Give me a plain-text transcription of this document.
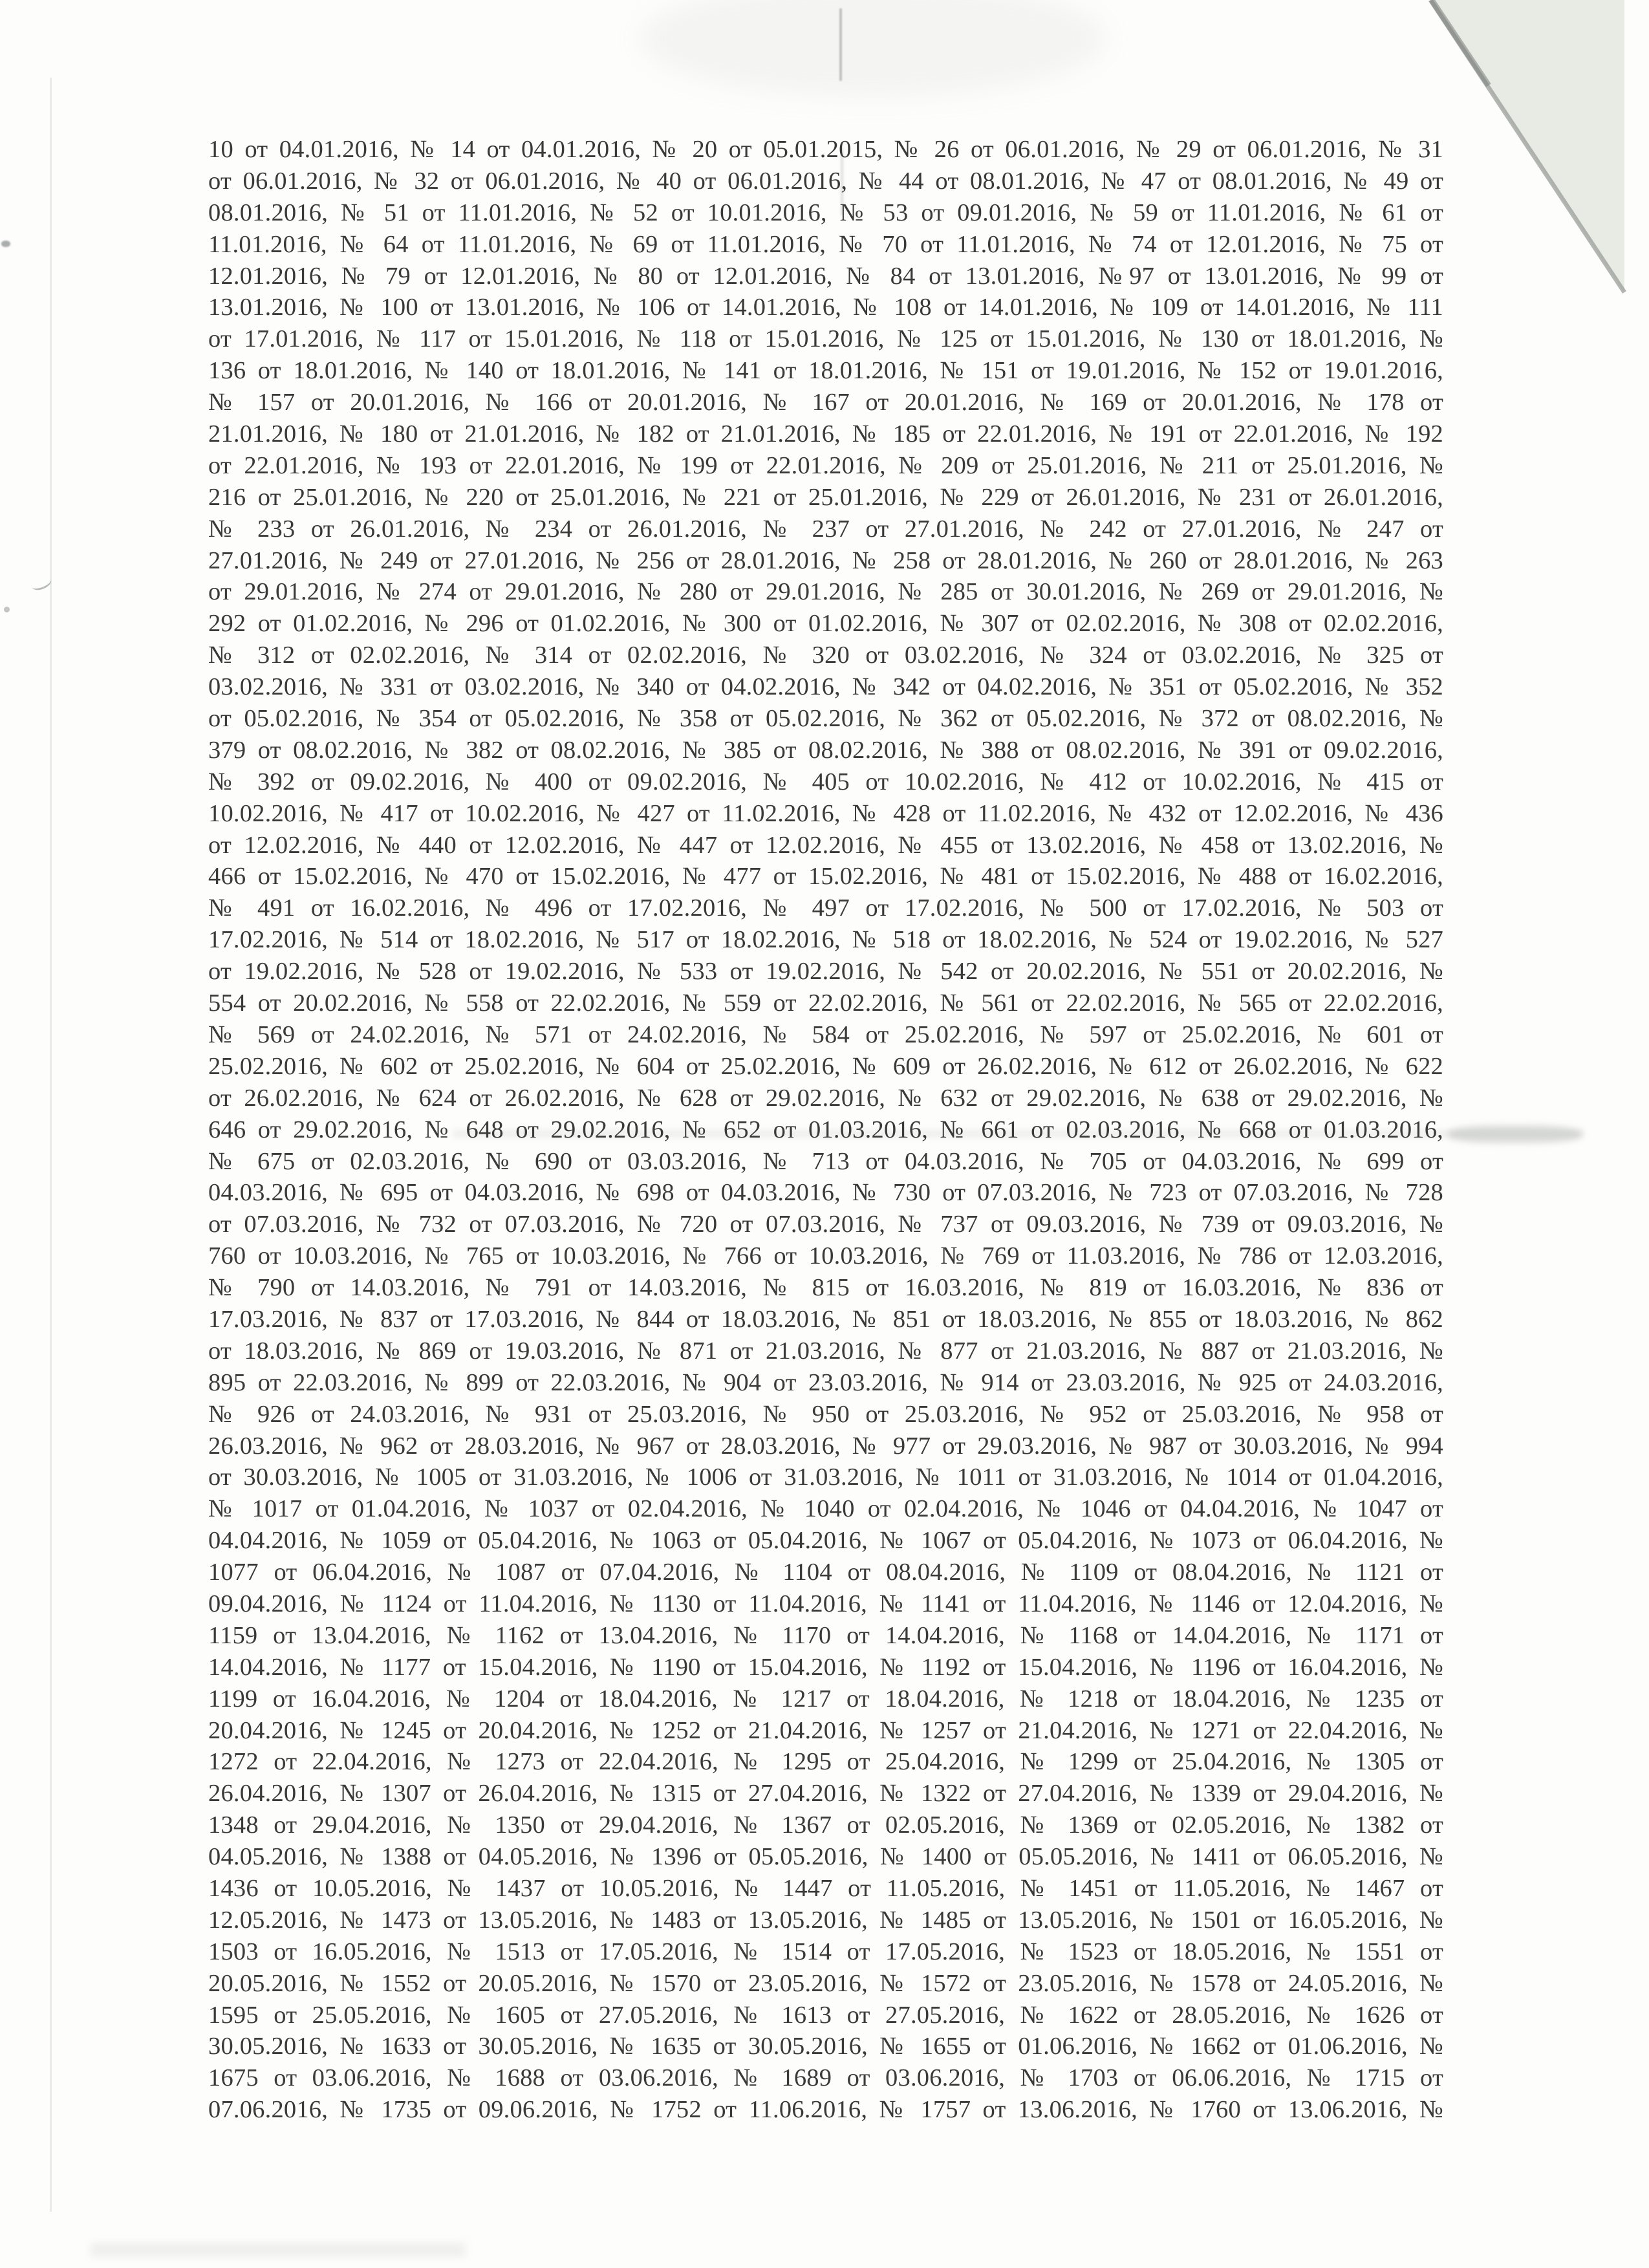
10 от 04.01.2016, № 14 от 04.01.2016, № 20 от 05.01.2015, № 26 от 06.01.2016, № 29 от 06.01.2016, № 31
от 06.01.2016, № 32 от 06.01.2016, № 40 от 06.01.2016, № 44 от 08.01.2016, № 47 от 08.01.2016, № 49 от
08.01.2016, № 51 от 11.01.2016, № 52 от 10.01.2016, № 53 от 09.01.2016, № 59 от 11.01.2016, № 61 от
11.01.2016, № 64 от 11.01.2016, № 69 от 11.01.2016, № 70 от 11.01.2016, № 74 от 12.01.2016, № 75 от
12.01.2016, № 79 от 12.01.2016, № 80 от 12.01.2016, № 84 от 13.01.2016, №97 от 13.01.2016, № 99 от
13.01.2016, № 100 от 13.01.2016, № 106 от 14.01.2016, № 108 от 14.01.2016, № 109 от 14.01.2016, № 111
от 17.01.2016, № 117 от 15.01.2016, № 118 от 15.01.2016, № 125 от 15.01.2016, № 130 от 18.01.2016, №
136 от 18.01.2016, № 140 от 18.01.2016, № 141 от 18.01.2016, № 151 от 19.01.2016, № 152 от 19.01.2016,
№ 157 от 20.01.2016, № 166 от 20.01.2016, № 167 от 20.01.2016, № 169 от 20.01.2016, № 178 от
21.01.2016, № 180 от 21.01.2016, № 182 от 21.01.2016, № 185 от 22.01.2016, № 191 от 22.01.2016, № 192
от 22.01.2016, № 193 от 22.01.2016, № 199 от 22.01.2016, № 209 от 25.01.2016, № 211 от 25.01.2016, №
216 от 25.01.2016, № 220 от 25.01.2016, № 221 от 25.01.2016, № 229 от 26.01.2016, № 231 от 26.01.2016,
№ 233 от 26.01.2016, № 234 от 26.01.2016, № 237 от 27.01.2016, № 242 от 27.01.2016, № 247 от
27.01.2016, № 249 от 27.01.2016, № 256 от 28.01.2016, № 258 от 28.01.2016, № 260 от 28.01.2016, № 263
от 29.01.2016, № 274 от 29.01.2016, № 280 от 29.01.2016, № 285 от 30.01.2016, № 269 от 29.01.2016, №
292 от 01.02.2016, № 296 от 01.02.2016, № 300 от 01.02.2016, № 307 от 02.02.2016, № 308 от 02.02.2016,
№ 312 от 02.02.2016, № 314 от 02.02.2016, № 320 от 03.02.2016, № 324 от 03.02.2016, № 325 от
03.02.2016, № 331 от 03.02.2016, № 340 от 04.02.2016, № 342 от 04.02.2016, № 351 от 05.02.2016, № 352
от 05.02.2016, № 354 от 05.02.2016, № 358 от 05.02.2016, № 362 от 05.02.2016, № 372 от 08.02.2016, №
379 от 08.02.2016, № 382 от 08.02.2016, № 385 от 08.02.2016, № 388 от 08.02.2016, № 391 от 09.02.2016,
№ 392 от 09.02.2016, № 400 от 09.02.2016, № 405 от 10.02.2016, № 412 от 10.02.2016, № 415 от
10.02.2016, № 417 от 10.02.2016, № 427 от 11.02.2016, № 428 от 11.02.2016, № 432 от 12.02.2016, № 436
от 12.02.2016, № 440 от 12.02.2016, № 447 от 12.02.2016, № 455 от 13.02.2016, № 458 от 13.02.2016, №
466 от 15.02.2016, № 470 от 15.02.2016, № 477 от 15.02.2016, № 481 от 15.02.2016, № 488 от 16.02.2016,
№ 491 от 16.02.2016, № 496 от 17.02.2016, № 497 от 17.02.2016, № 500 от 17.02.2016, № 503 от
17.02.2016, № 514 от 18.02.2016, № 517 от 18.02.2016, № 518 от 18.02.2016, № 524 от 19.02.2016, № 527
от 19.02.2016, № 528 от 19.02.2016, № 533 от 19.02.2016, № 542 от 20.02.2016, № 551 от 20.02.2016, №
554 от 20.02.2016, № 558 от 22.02.2016, № 559 от 22.02.2016, № 561 от 22.02.2016, № 565 от 22.02.2016,
№ 569 от 24.02.2016, № 571 от 24.02.2016, № 584 от 25.02.2016, № 597 от 25.02.2016, № 601 от
25.02.2016, № 602 от 25.02.2016, № 604 от 25.02.2016, № 609 от 26.02.2016, № 612 от 26.02.2016, № 622
от 26.02.2016, № 624 от 26.02.2016, № 628 от 29.02.2016, № 632 от 29.02.2016, № 638 от 29.02.2016, №
646 от 29.02.2016, № 648 от 29.02.2016, № 652 от 01.03.2016, № 661 от 02.03.2016, № 668 от 01.03.2016,
№ 675 от 02.03.2016, № 690 от 03.03.2016, № 713 от 04.03.2016, № 705 от 04.03.2016, № 699 от
04.03.2016, № 695 от 04.03.2016, № 698 от 04.03.2016, № 730 от 07.03.2016, № 723 от 07.03.2016, № 728
от 07.03.2016, № 732 от 07.03.2016, № 720 от 07.03.2016, № 737 от 09.03.2016, № 739 от 09.03.2016, №
760 от 10.03.2016, № 765 от 10.03.2016, № 766 от 10.03.2016, № 769 от 11.03.2016, № 786 от 12.03.2016,
№ 790 от 14.03.2016, № 791 от 14.03.2016, № 815 от 16.03.2016, № 819 от 16.03.2016, № 836 от
17.03.2016, № 837 от 17.03.2016, № 844 от 18.03.2016, № 851 от 18.03.2016, № 855 от 18.03.2016, № 862
от 18.03.2016, № 869 от 19.03.2016, № 871 от 21.03.2016, № 877 от 21.03.2016, № 887 от 21.03.2016, №
895 от 22.03.2016, № 899 от 22.03.2016, № 904 от 23.03.2016, № 914 от 23.03.2016, № 925 от 24.03.2016,
№ 926 от 24.03.2016, № 931 от 25.03.2016, № 950 от 25.03.2016, № 952 от 25.03.2016, № 958 от
26.03.2016, № 962 от 28.03.2016, № 967 от 28.03.2016, № 977 от 29.03.2016, № 987 от 30.03.2016, № 994
от 30.03.2016, № 1005 от 31.03.2016, № 1006 от 31.03.2016, № 1011 от 31.03.2016, № 1014 от 01.04.2016,
№ 1017 от 01.04.2016, № 1037 от 02.04.2016, № 1040 от 02.04.2016, № 1046 от 04.04.2016, № 1047 от
04.04.2016, № 1059 от 05.04.2016, № 1063 от 05.04.2016, № 1067 от 05.04.2016, № 1073 от 06.04.2016, №
1077 от 06.04.2016, № 1087 от 07.04.2016, № 1104 от 08.04.2016, № 1109 от 08.04.2016, № 1121 от
09.04.2016, № 1124 от 11.04.2016, № 1130 от 11.04.2016, № 1141 от 11.04.2016, № 1146 от 12.04.2016, №
1159 от 13.04.2016, № 1162 от 13.04.2016, № 1170 от 14.04.2016, № 1168 от 14.04.2016, № 1171 от
14.04.2016, № 1177 от 15.04.2016, № 1190 от 15.04.2016, № 1192 от 15.04.2016, № 1196 от 16.04.2016, №
1199 от 16.04.2016, № 1204 от 18.04.2016, № 1217 от 18.04.2016, № 1218 от 18.04.2016, № 1235 от
20.04.2016, № 1245 от 20.04.2016, № 1252 от 21.04.2016, № 1257 от 21.04.2016, № 1271 от 22.04.2016, №
1272 от 22.04.2016, № 1273 от 22.04.2016, № 1295 от 25.04.2016, № 1299 от 25.04.2016, № 1305 от
26.04.2016, № 1307 от 26.04.2016, № 1315 от 27.04.2016, № 1322 от 27.04.2016, № 1339 от 29.04.2016, №
1348 от 29.04.2016, № 1350 от 29.04.2016, № 1367 от 02.05.2016, № 1369 от 02.05.2016, № 1382 от
04.05.2016, № 1388 от 04.05.2016, № 1396 от 05.05.2016, № 1400 от 05.05.2016, № 1411 от 06.05.2016, №
1436 от 10.05.2016, № 1437 от 10.05.2016, № 1447 от 11.05.2016, № 1451 от 11.05.2016, № 1467 от
12.05.2016, № 1473 от 13.05.2016, № 1483 от 13.05.2016, № 1485 от 13.05.2016, № 1501 от 16.05.2016, №
1503 от 16.05.2016, № 1513 от 17.05.2016, № 1514 от 17.05.2016, № 1523 от 18.05.2016, № 1551 от
20.05.2016, № 1552 от 20.05.2016, № 1570 от 23.05.2016, № 1572 от 23.05.2016, № 1578 от 24.05.2016, №
1595 от 25.05.2016, № 1605 от 27.05.2016, № 1613 от 27.05.2016, № 1622 от 28.05.2016, № 1626 от
30.05.2016, № 1633 от 30.05.2016, № 1635 от 30.05.2016, № 1655 от 01.06.2016, № 1662 от 01.06.2016, №
1675 от 03.06.2016, № 1688 от 03.06.2016, № 1689 от 03.06.2016, № 1703 от 06.06.2016, № 1715 от
07.06.2016, № 1735 от 09.06.2016, № 1752 от 11.06.2016, № 1757 от 13.06.2016, № 1760 от 13.06.2016, №
